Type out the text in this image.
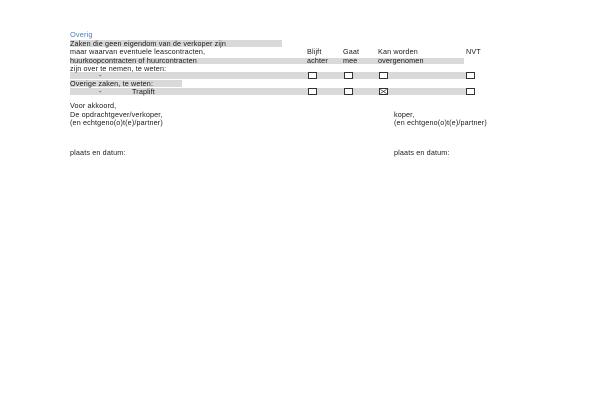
Overig
Zaken die geen eigendom van de verkoper zijn
maar waarvan eventuele leascontracten,
huurkoopcontracten of huurcontracten
zijn over te nemen, te weten:
Blijft
achter
Gaat
mee
Kan worden
overgenomen
NVT
-
Overige zaken, te weten:
-	Traplift
Voor akkoord,
De opdrachtgever/verkoper,
(en echtgeno(o)t(e)/partner)
koper,
(en echtgeno(o)t(e)/partner)
plaats en datum:	plaats en datum:
